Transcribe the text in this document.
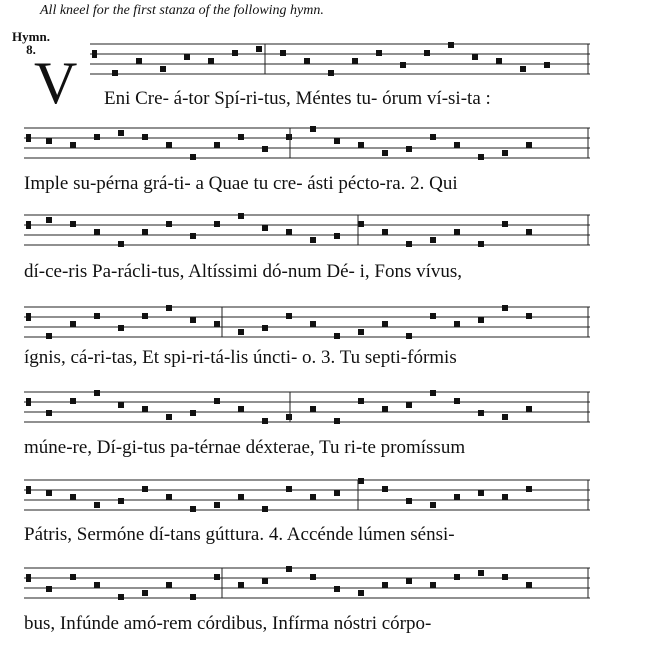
All kneel for the first stanza of the following hymn.
Hymn.
8.
V Eni Cre- á-tor Spí-ri-tus, Méntes tu- órum ví-si-ta :
Imple su-pérna grá-ti- a Quae tu cre- ásti pécto-ra. 2. Qui
dí-ce-ris Pa-rácli-tus, Altíssimi dó-num Dé- i, Fons vívus,
ígnis, cá-ri-tas, Et spi-ri-tá-lis úncti- o. 3. Tu septi-fórmis
múne-re, Dí-gi-tus pa-térnae déxterae, Tu ri-te promíssum
Pátris, Sermóne dí-tans gúttura. 4. Accénde lúmen sénsi-
bus, Infúnde amó-rem córdibus, Infírma nóstri córpo-
